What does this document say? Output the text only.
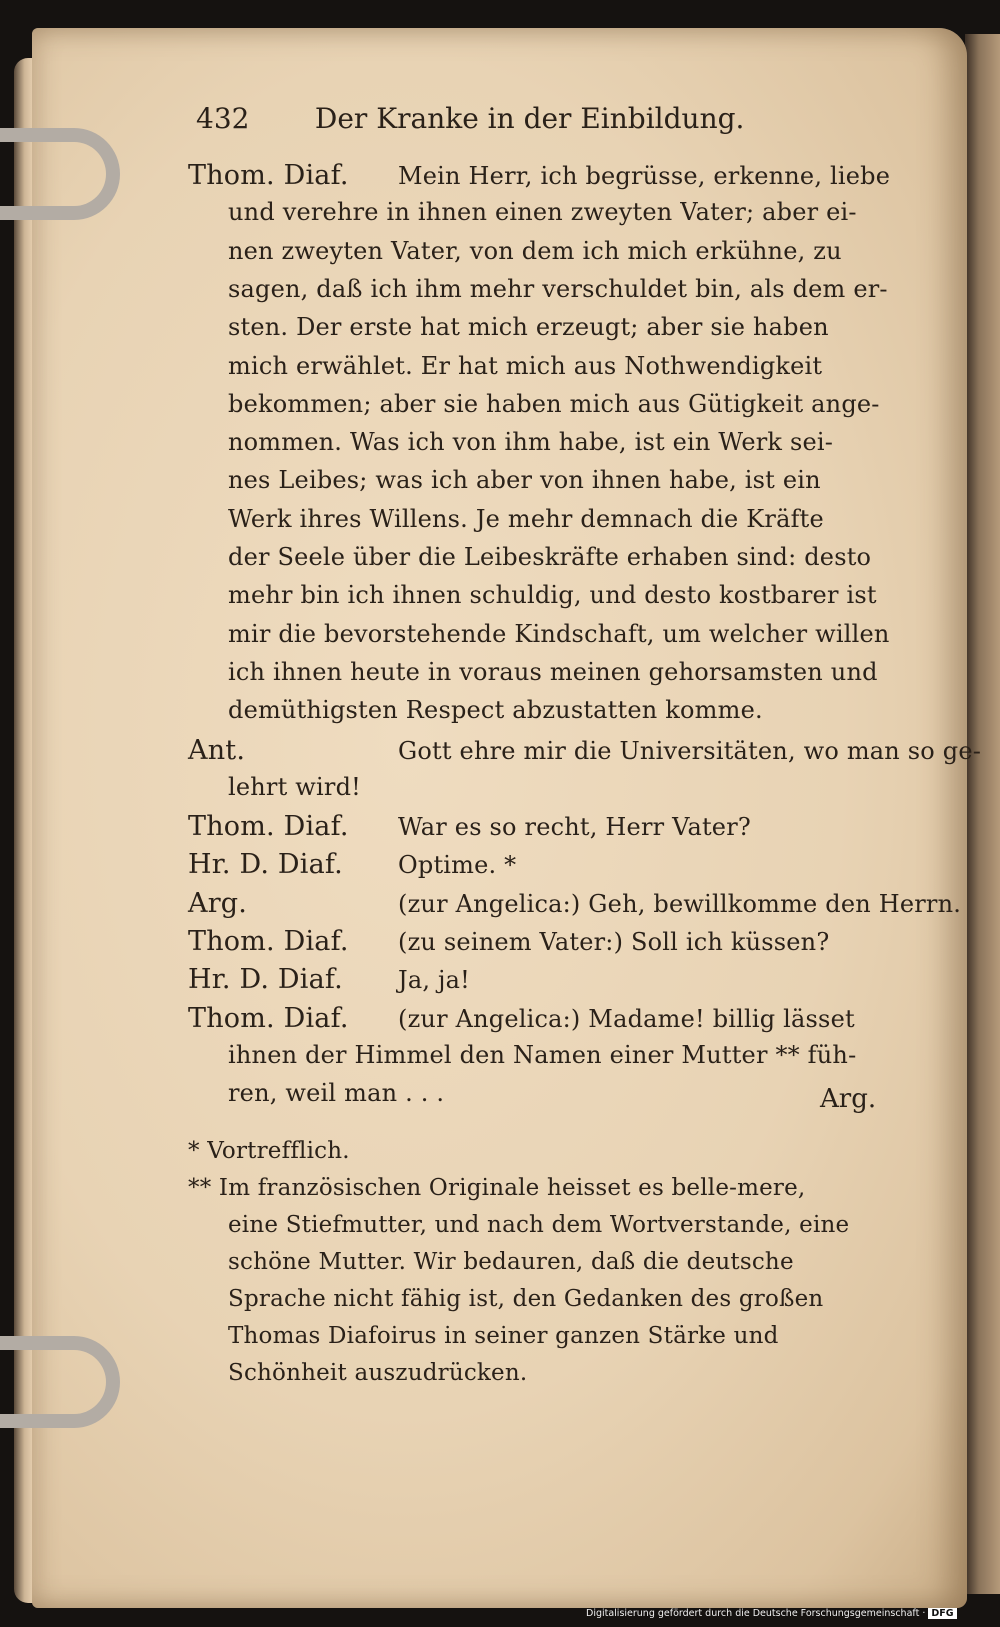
432 Der Kranke in der Einbildung.
Thom. Diaf. Mein Herr, ich begrüsse, erkenne, liebe
und verehre in ihnen einen zweyten Vater; aber ei-
nen zweyten Vater, von dem ich mich erkühne, zu
sagen, daß ich ihm mehr verschuldet bin, als dem er-
sten. Der erste hat mich erzeugt; aber sie haben
mich erwählet. Er hat mich aus Nothwendigkeit
bekommen; aber sie haben mich aus Gütigkeit ange-
nommen. Was ich von ihm habe, ist ein Werk sei-
nes Leibes; was ich aber von ihnen habe, ist ein
Werk ihres Willens. Je mehr demnach die Kräfte
der Seele über die Leibeskräfte erhaben sind: desto
mehr bin ich ihnen schuldig, und desto kostbarer ist
mir die bevorstehende Kindschaft, um welcher willen
ich ihnen heute in voraus meinen gehorsamsten und
demüthigsten Respect abzustatten komme.
Ant.	Gott ehre mir die Universitäten, wo man so ge-
lehrt wird!
Thom. Diaf. War es so recht, Herr Vater?
Hr. D. Diaf. Optime. *
Arg.	(zur Angelica:) Geh, bewillkomme den Herrn.
Thom. Diaf. (zu seinem Vater:) Soll ich küssen?
Hr. D. Diaf. Ja, ja!
Thom. Diaf. (zur Angelica:) Madame! billig lässet
ihnen der Himmel den Namen einer Mutter ** füh-
ren, weil man . . .	Arg.
* Vortrefflich.
** Im französischen Originale heisset es belle-mere,
eine Stiefmutter, und nach dem Wortverstande, eine
schöne Mutter. Wir bedauren, daß die deutsche
Sprache nicht fähig ist, den Gedanken des großen
Thomas Diafoirus in seiner ganzen Stärke und
Schönheit auszudrücken.
Digitalisierung gefördert durch die Deutsche Forschungsgemeinschaft · DFG
